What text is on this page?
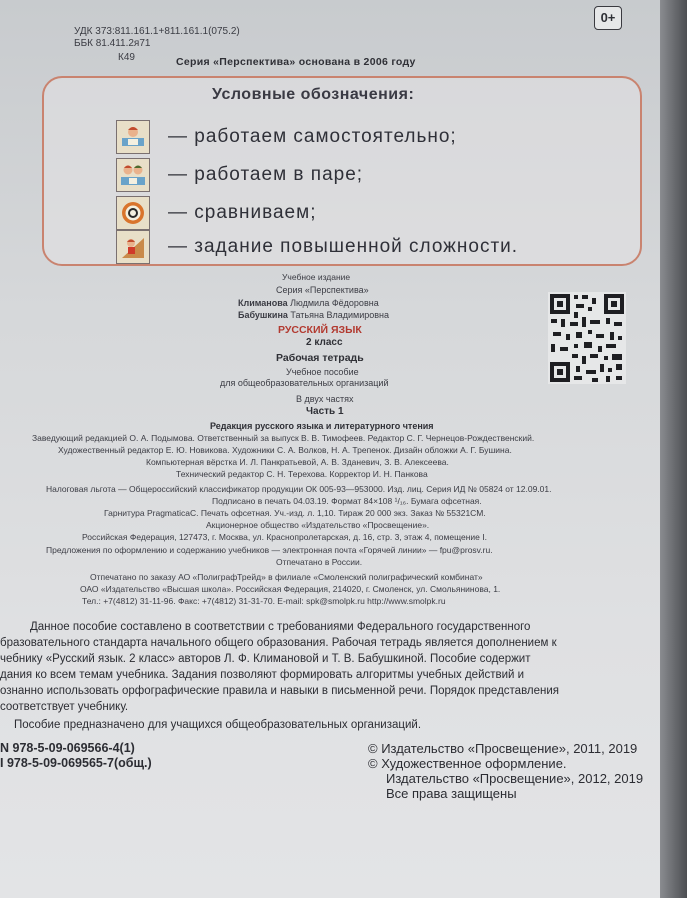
0+
УДК 373:811.161.1+811.161.1(075.2)
ББК 81.411.2я71
К49	Серия «Перспектива» основана в 2006 году
Условные обозначения:
— работаем самостоятельно;
— работаем в паре;
— сравниваем;
— задание повышенной сложности.
Учебное издание
Серия «Перспектива»
Климанова Людмила Фёдоровна
Бабушкина Татьяна Владимировна
РУССКИЙ ЯЗЫК
2 класс
Рабочая тетрадь
Учебное пособие
для общеобразовательных организаций
В двух частях
Часть 1
Редакция русского языка и литературного чтения
Заведующий редакцией О. А. Подымова. Ответственный за выпуск В. В. Тимофеев. Редактор С. Г. Чернецов-Рождественский.
Художественный редактор Е. Ю. Новикова. Художники С. А. Волков, Н. А. Трепенок. Дизайн обложки А. Г. Бушина.
Компьютерная вёрстка И. Л. Панкратьевой, А. В. Зданевич, З. В. Алексеева.
Технический редактор С. Н. Терехова. Корректор И. Н. Панкова
Налоговая льгота — Общероссийский классификатор продукции ОК 005-93—953000. Изд. лиц. Серия ИД № 05824 от 12.09.01.
Подписано в печать 04.03.19. Формат 84×108 ¹/₁₆. Бумага офсетная.
Гарнитура PragmaticaC. Печать офсетная. Уч.-изд. л. 1,10. Тираж 20 000 экз. Заказ № 55321СМ.
Акционерное общество «Издательство «Просвещение».
Российская Федерация, 127473, г. Москва, ул. Краснопролетарская, д. 16, стр. 3, этаж 4, помещение I.
Предложения по оформлению и содержанию учебников — электронная почта «Горячей линии» — fpu@prosv.ru.
Отпечатано в России.
Отпечатано по заказу АО «ПолиграфТрейд» в филиале «Смоленский полиграфический комбинат»
ОАО «Издательство «Высшая школа». Российская Федерация, 214020, г. Смоленск, ул. Смольянинова, 1.
Тел.: +7(4812) 31-11-96. Факс: +7(4812) 31-31-70. E-mail: spk@smolpk.ru http://www.smolpk.ru
Данное пособие составлено в соответствии с требованиями Федерального государственного
бразовательного стандарта начального общего образования. Рабочая тетрадь является дополнением к
чебнику «Русский язык. 2 класс» авторов Л. Ф. Климановой и Т. В. Бабушкиной. Пособие содержит
дания ко всем темам учебника. Задания позволяют формировать алгоритмы учебных действий и
ознанно использовать орфографические правила и навыки в письменной речи. Порядок представления
соответствует учебнику.
Пособие предназначено для учащихся общеобразовательных организаций.
N 978-5-09-069566-4(1)
I 978-5-09-069565-7(общ.)
© Издательство «Просвещение», 2011, 2019
© Художественное оформление.
Издательство «Просвещение», 2012, 2019
Все права защищены
